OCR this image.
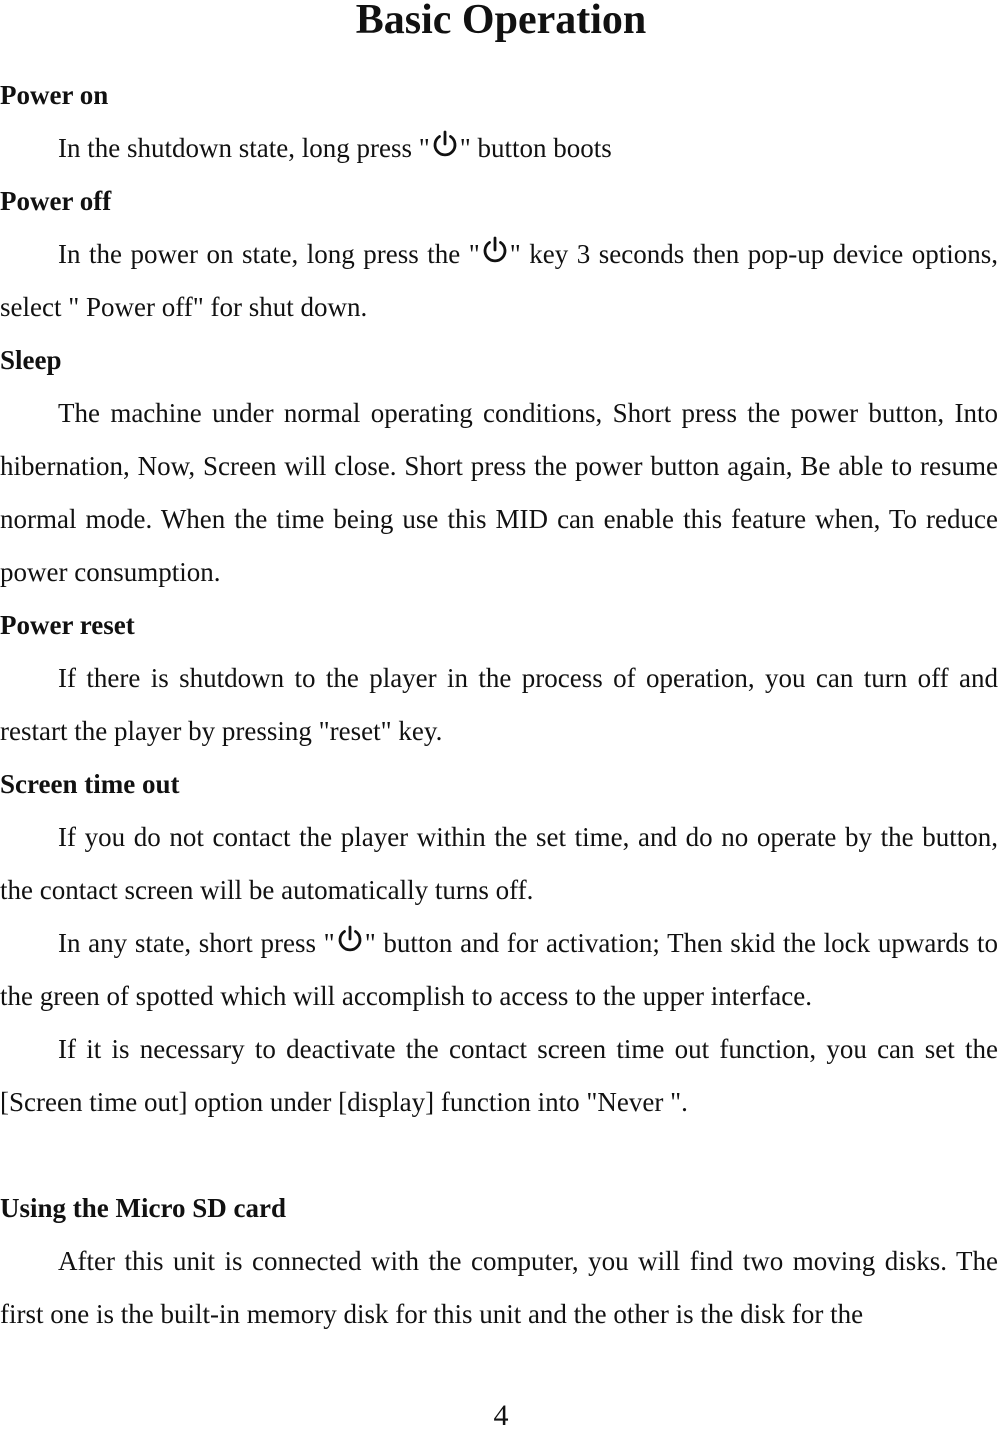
Basic Operation

Power on

In the shutdown state, long press " " button boots

Power off

In the power on state, long press the " " key 3 seconds then pop-up device options, select " Power off" for shut down.

Sleep

The machine under normal operating conditions, Short press the power button, Into hibernation, Now, Screen will close. Short press the power button again, Be able to resume normal mode. When the time being use this MID can enable this feature when, To reduce power consumption.

Power reset

If there is shutdown to the player in the process of operation, you can turn off and restart the player by pressing "reset" key.

Screen time out

If you do not contact the player within the set time, and do no operate by the button, the contact screen will be automatically turns off.

In any state, short press " " button and for activation; Then skid the lock upwards to the green of spotted which will accomplish to access to the upper interface.

If it is necessary to deactivate the contact screen time out function, you can set the [Screen time out] option under [display] function into "Never ".

Using the Micro SD card

After this unit is connected with the computer, you will find two moving disks. The first one is the built-in memory disk for this unit and the other is the disk for the

4
